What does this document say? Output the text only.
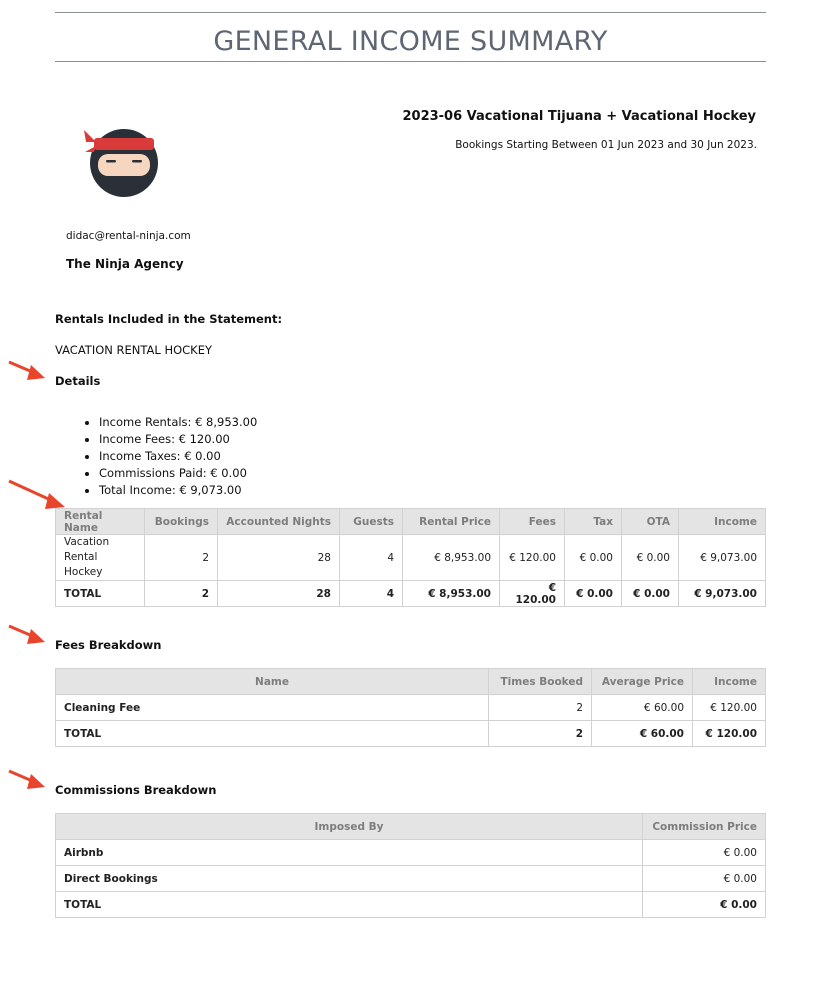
GENERAL INCOME SUMMARY
2023-06 Vacational Tijuana + Vacational Hockey
Bookings Starting Between 01 Jun 2023 and 30 Jun 2023.
didac@rental-ninja.com
The Ninja Agency
Rentals Included in the Statement:
VACATION RENTAL HOCKEY
Details
• Income Rentals: € 8,953.00
• Income Fees: € 120.00
• Income Taxes: € 0.00
• Commissions Paid: € 0.00
• Total Income: € 9,073.00
Rental Name	Bookings	Accounted Nights	Guests	Rental Price	Fees	Tax	OTA	Income
Vacation
Rental Hockey	2	28	4	€ 8,953.00	€ 120.00	€ 0.00	€ 0.00	€ 9,073.00
TOTAL	2	28	4	€ 8,953.00	€ 120.00	€ 0.00	€ 0.00	€ 9,073.00
Fees Breakdown
Name	Times Booked	Average Price	Income
Cleaning Fee	2	€ 60.00	€ 120.00
TOTAL	2	€ 60.00	€ 120.00
Commissions Breakdown
Imposed By	Commission Price
Airbnb	€ 0.00
Direct Bookings	€ 0.00
TOTAL	€ 0.00
